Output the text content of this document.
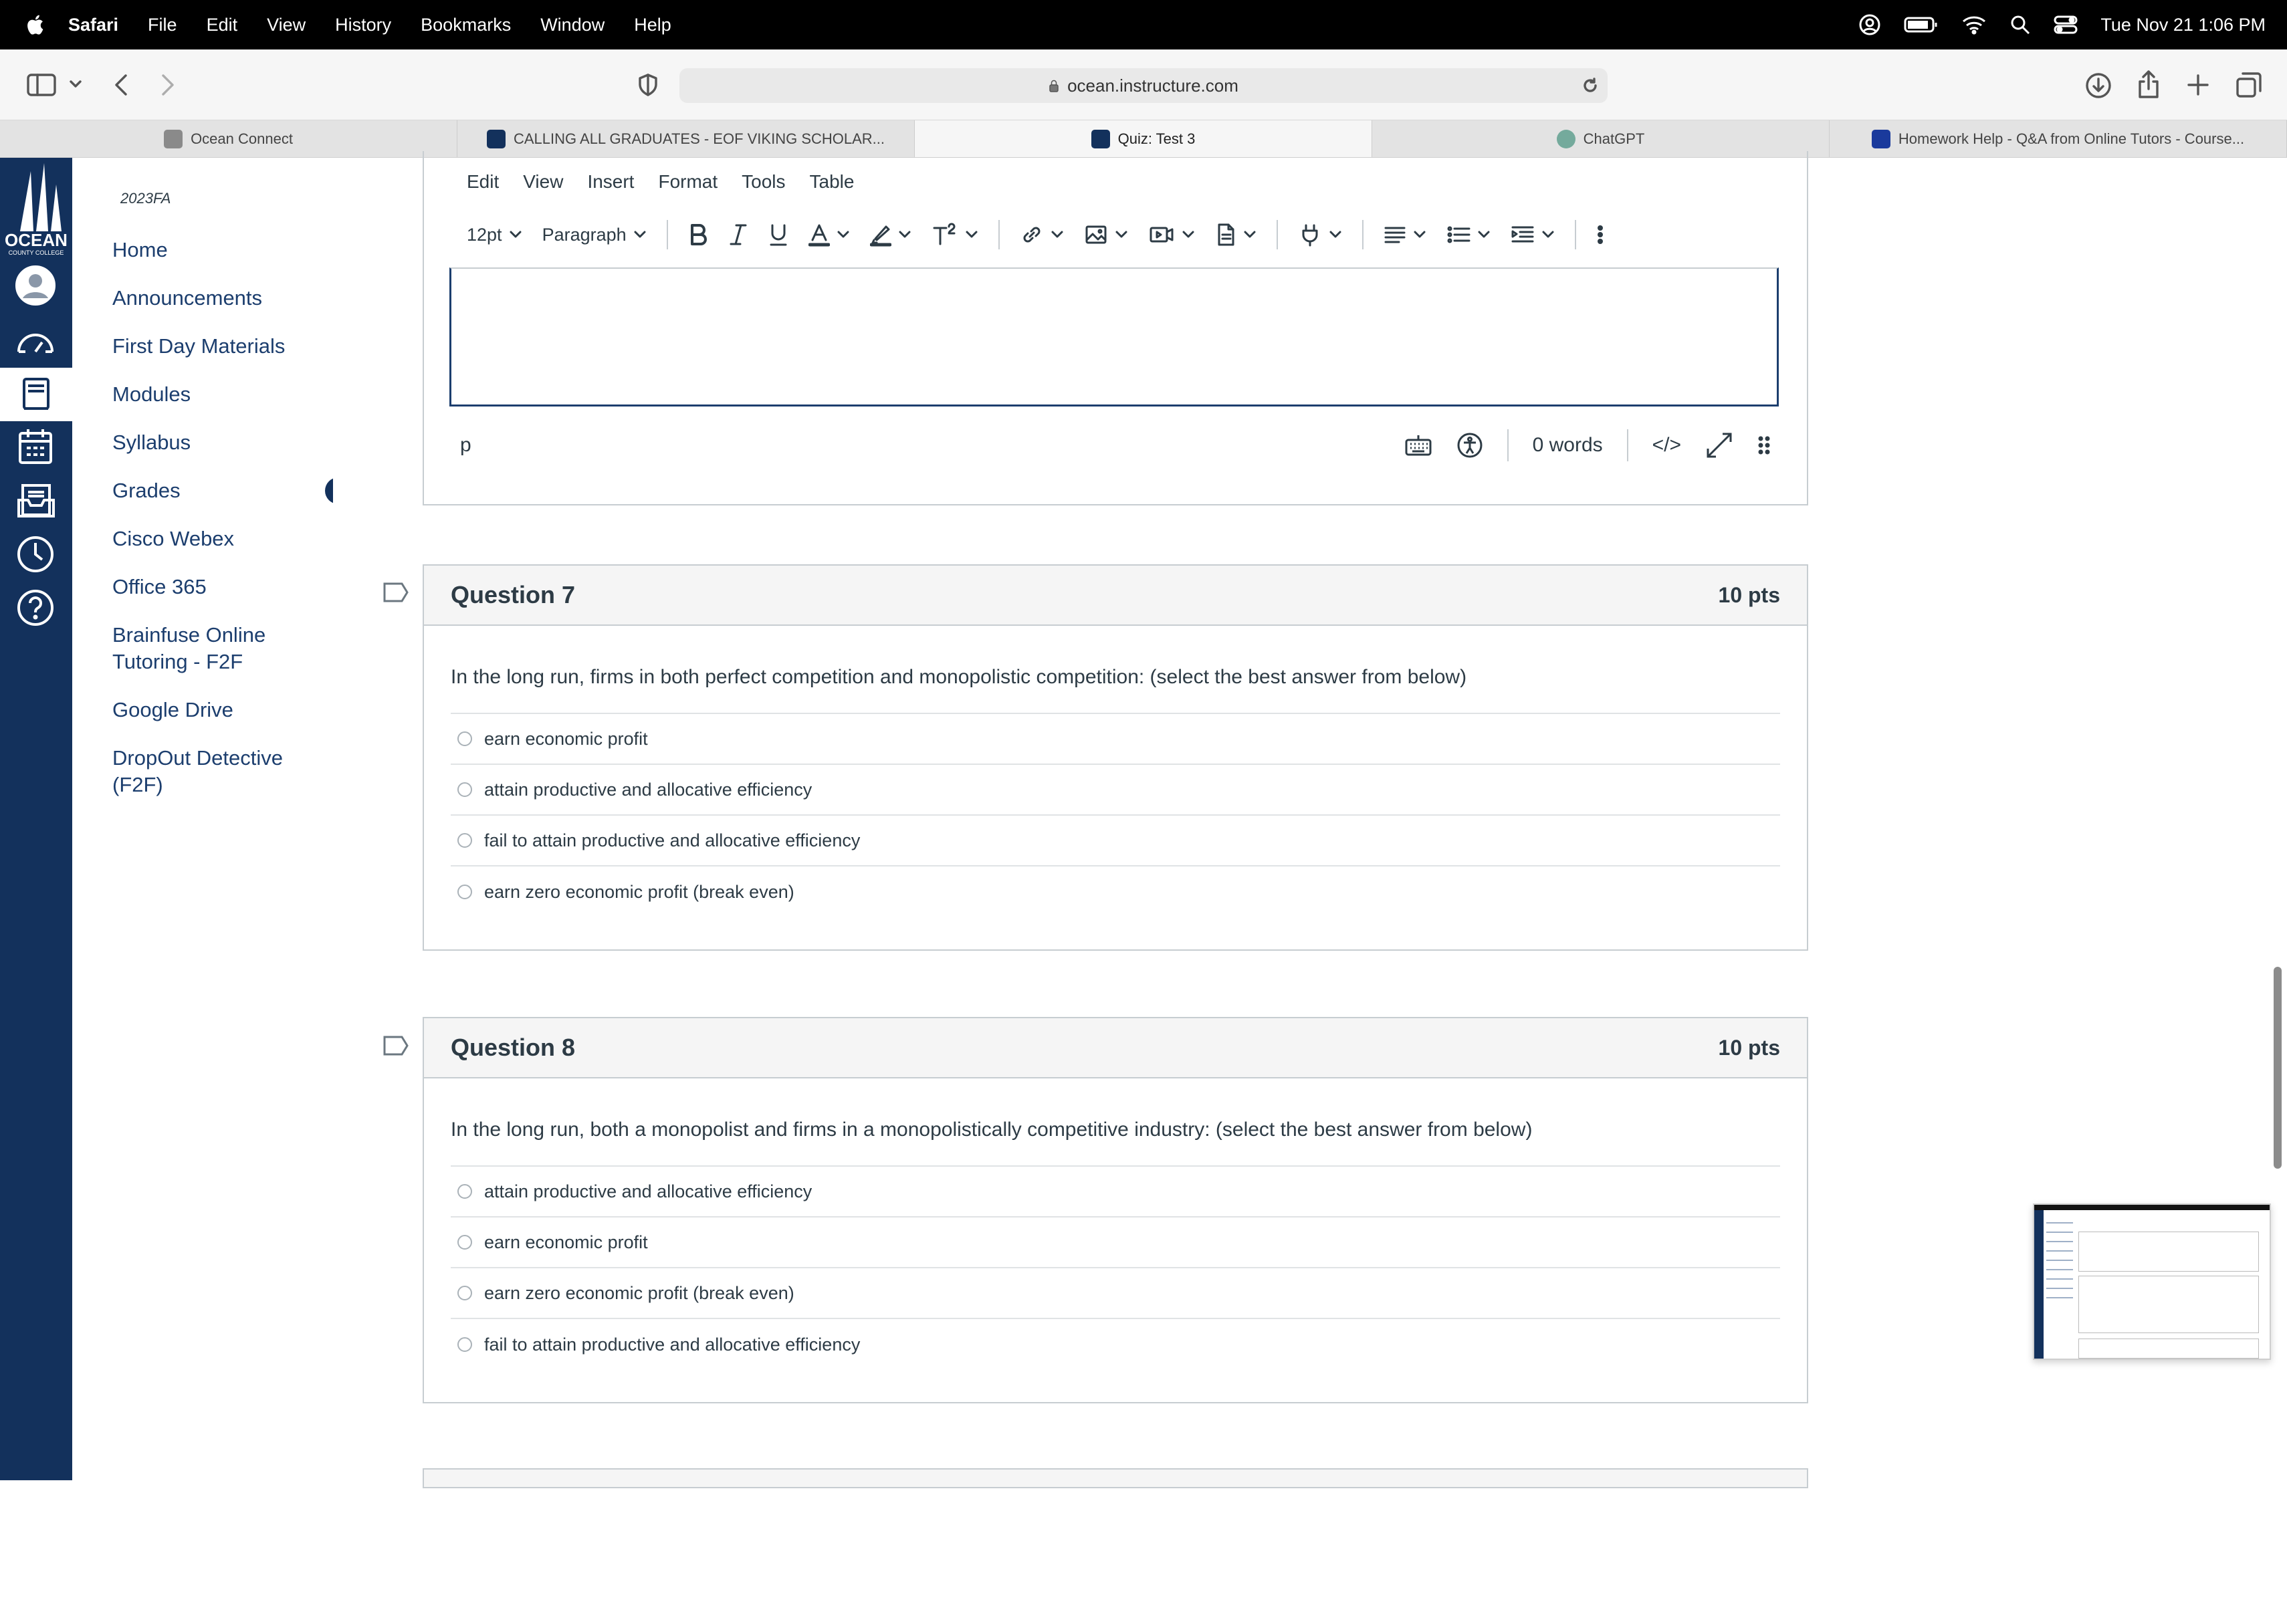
Safari File Edit View History Bookmarks Window Help	Tue Nov 21 1:06 PM
ocean.instructure.com
Ocean Connect	CALLING ALL GRADUATES - EOF VIKING SCHOLAR...	Quiz: Test 3	ChatGPT	Homework Help - Q&A from Online Tutors - Course...
OCEAN
COUNTY COLLEGE
2023FA
Home
Announcements
First Day Materials
Modules
Syllabus
Grades
Cisco Webex
Office 365
Brainfuse Online Tutoring - F2F
Google Drive
DropOut Detective (F2F)
Edit View Insert Format Tools Table
12pt Paragraph
p	0 words </>
Question 7	10 pts
In the long run, firms in both perfect competition and monopolistic competition: (select the best answer from below)
earn economic profit
attain productive and allocative efficiency
fail to attain productive and allocative efficiency
earn zero economic profit (break even)
Question 8	10 pts
In the long run, both a monopolist and firms in a monopolistically competitive industry: (select the best answer from below)
attain productive and allocative efficiency
earn economic profit
earn zero economic profit (break even)
fail to attain productive and allocative efficiency
